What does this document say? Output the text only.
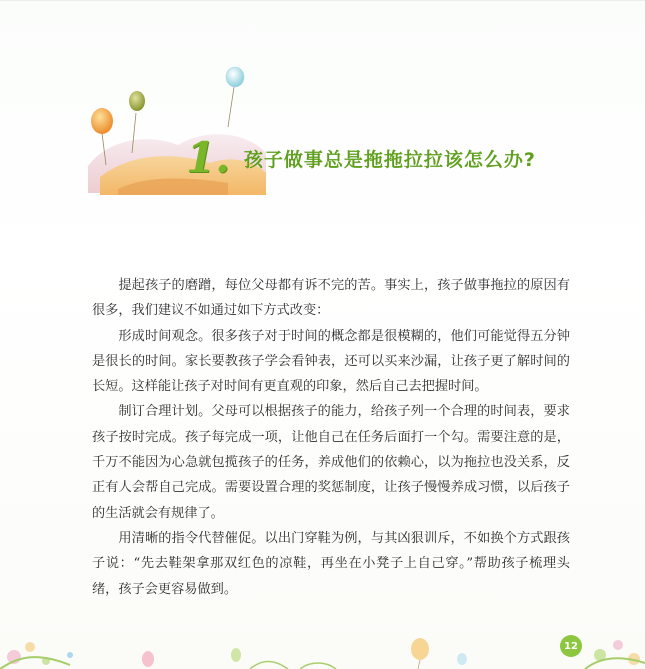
1. 孩子做事总是拖拖拉拉该怎么办?

提起孩子的磨蹭，每位父母都有诉不完的苦。事实上，孩子做事拖拉的原因有很多，我们建议不如通过如下方式改变：

形成时间观念。很多孩子对于时间的概念都是很模糊的，他们可能觉得五分钟是很长的时间。家长要教孩子学会看钟表，还可以买来沙漏，让孩子更了解时间的长短。这样能让孩子对时间有更直观的印象，然后自己去把握时间。

制订合理计划。父母可以根据孩子的能力，给孩子列一个合理的时间表，要求孩子按时完成。孩子每完成一项，让他自己在任务后面打一个勾。需要注意的是，千万不能因为心急就包揽孩子的任务，养成他们的依赖心，以为拖拉也没关系，反正有人会帮自己完成。需要设置合理的奖惩制度，让孩子慢慢养成习惯，以后孩子的生活就会有规律了。

用清晰的指令代替催促。以出门穿鞋为例，与其凶狠训斥，不如换个方式跟孩子说：“先去鞋架拿那双红色的凉鞋，再坐在小凳子上自己穿。”帮助孩子梳理头绪，孩子会更容易做到。

12
